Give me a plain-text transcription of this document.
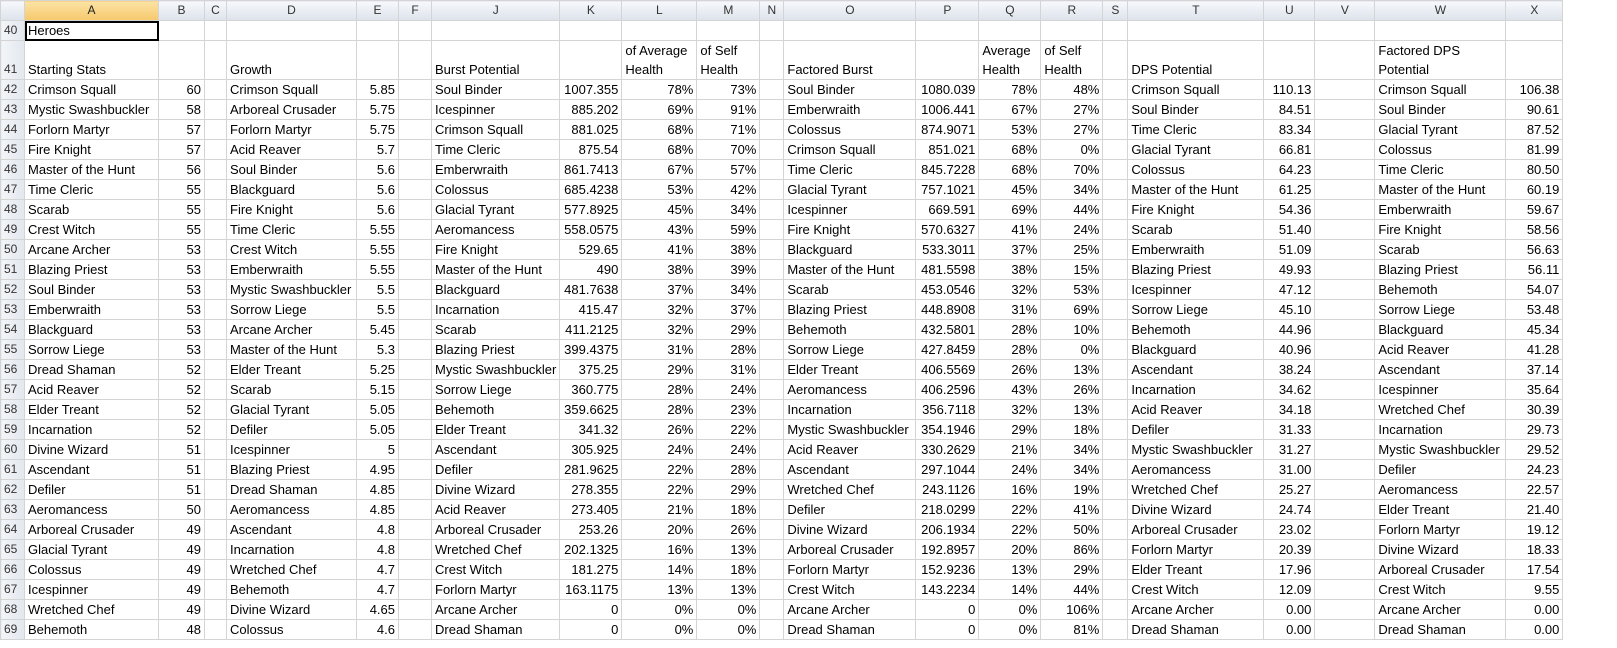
	A	B	C	D	E	F	J	K	L	M	N	O	P	Q	R	S	T	U	V	W	X
40	Heroes																				
41	Starting Stats			Growth			Burst Potential		of Average Health	of Self Health		Factored Burst		Average Health	of Self Health		DPS Potential			Factored DPS Potential	
42	Crimson Squall	60		Crimson Squall	5.85		Soul Binder	1007.355	78%	73%		Soul Binder	1080.039	78%	48%		Crimson Squall	110.13		Crimson Squall	106.38
43	Mystic Swashbuckler	58		Arboreal Crusader	5.75		Icespinner	885.202	69%	91%		Emberwraith	1006.441	67%	27%		Soul Binder	84.51		Soul Binder	90.61
44	Forlorn Martyr	57		Forlorn Martyr	5.75		Crimson Squall	881.025	68%	71%		Colossus	874.9071	53%	27%		Time Cleric	83.34		Glacial Tyrant	87.52
45	Fire Knight	57		Acid Reaver	5.7		Time Cleric	875.54	68%	70%		Crimson Squall	851.021	68%	0%		Glacial Tyrant	66.81		Colossus	81.99
46	Master of the Hunt	56		Soul Binder	5.6		Emberwraith	861.7413	67%	57%		Time Cleric	845.7228	68%	70%		Colossus	64.23		Time Cleric	80.50
47	Time Cleric	55		Blackguard	5.6		Colossus	685.4238	53%	42%		Glacial Tyrant	757.1021	45%	34%		Master of the Hunt	61.25		Master of the Hunt	60.19
48	Scarab	55		Fire Knight	5.6		Glacial Tyrant	577.8925	45%	34%		Icespinner	669.591	69%	44%		Fire Knight	54.36		Emberwraith	59.67
49	Crest Witch	55		Time Cleric	5.55		Aeromancess	558.0575	43%	59%		Fire Knight	570.6327	41%	24%		Scarab	51.40		Fire Knight	58.56
50	Arcane Archer	53		Crest Witch	5.55		Fire Knight	529.65	41%	38%		Blackguard	533.3011	37%	25%		Emberwraith	51.09		Scarab	56.63
51	Blazing Priest	53		Emberwraith	5.55		Master of the Hunt	490	38%	39%		Master of the Hunt	481.5598	38%	15%		Blazing Priest	49.93		Blazing Priest	56.11
52	Soul Binder	53		Mystic Swashbuckler	5.5		Blackguard	481.7638	37%	34%		Scarab	453.0546	32%	53%		Icespinner	47.12		Behemoth	54.07
53	Emberwraith	53		Sorrow Liege	5.5		Incarnation	415.47	32%	37%		Blazing Priest	448.8908	31%	69%		Sorrow Liege	45.10		Sorrow Liege	53.48
54	Blackguard	53		Arcane Archer	5.45		Scarab	411.2125	32%	29%		Behemoth	432.5801	28%	10%		Behemoth	44.96		Blackguard	45.34
55	Sorrow Liege	53		Master of the Hunt	5.3		Blazing Priest	399.4375	31%	28%		Sorrow Liege	427.8459	28%	0%		Blackguard	40.96		Acid Reaver	41.28
56	Dread Shaman	52		Elder Treant	5.25		Mystic Swashbuckler	375.25	29%	31%		Elder Treant	406.5569	26%	13%		Ascendant	38.24		Ascendant	37.14
57	Acid Reaver	52		Scarab	5.15		Sorrow Liege	360.775	28%	24%		Aeromancess	406.2596	43%	26%		Incarnation	34.62		Icespinner	35.64
58	Elder Treant	52		Glacial Tyrant	5.05		Behemoth	359.6625	28%	23%		Incarnation	356.7118	32%	13%		Acid Reaver	34.18		Wretched Chef	30.39
59	Incarnation	52		Defiler	5.05		Elder Treant	341.32	26%	22%		Mystic Swashbuckler	354.1946	29%	18%		Defiler	31.33		Incarnation	29.73
60	Divine Wizard	51		Icespinner	5		Ascendant	305.925	24%	24%		Acid Reaver	330.2629	21%	34%		Mystic Swashbuckler	31.27		Mystic Swashbuckler	29.52
61	Ascendant	51		Blazing Priest	4.95		Defiler	281.9625	22%	28%		Ascendant	297.1044	24%	34%		Aeromancess	31.00		Defiler	24.23
62	Defiler	51		Dread Shaman	4.85		Divine Wizard	278.355	22%	29%		Wretched Chef	243.1126	16%	19%		Wretched Chef	25.27		Aeromancess	22.57
63	Aeromancess	50		Aeromancess	4.85		Acid Reaver	273.405	21%	18%		Defiler	218.0299	22%	41%		Divine Wizard	24.74		Elder Treant	21.40
64	Arboreal Crusader	49		Ascendant	4.8		Arboreal Crusader	253.26	20%	26%		Divine Wizard	206.1934	22%	50%		Arboreal Crusader	23.02		Forlorn Martyr	19.12
65	Glacial Tyrant	49		Incarnation	4.8		Wretched Chef	202.1325	16%	13%		Arboreal Crusader	192.8957	20%	86%		Forlorn Martyr	20.39		Divine Wizard	18.33
66	Colossus	49		Wretched Chef	4.7		Crest Witch	181.275	14%	18%		Forlorn Martyr	152.9236	13%	29%		Elder Treant	17.96		Arboreal Crusader	17.54
67	Icespinner	49		Behemoth	4.7		Forlorn Martyr	163.1175	13%	13%		Crest Witch	143.2234	14%	44%		Crest Witch	12.09		Crest Witch	9.55
68	Wretched Chef	49		Divine Wizard	4.65		Arcane Archer	0	0%	0%		Arcane Archer	0	0%	106%		Arcane Archer	0.00		Arcane Archer	0.00
69	Behemoth	48		Colossus	4.6		Dread Shaman	0	0%	0%		Dread Shaman	0	0%	81%		Dread Shaman	0.00		Dread Shaman	0.00
